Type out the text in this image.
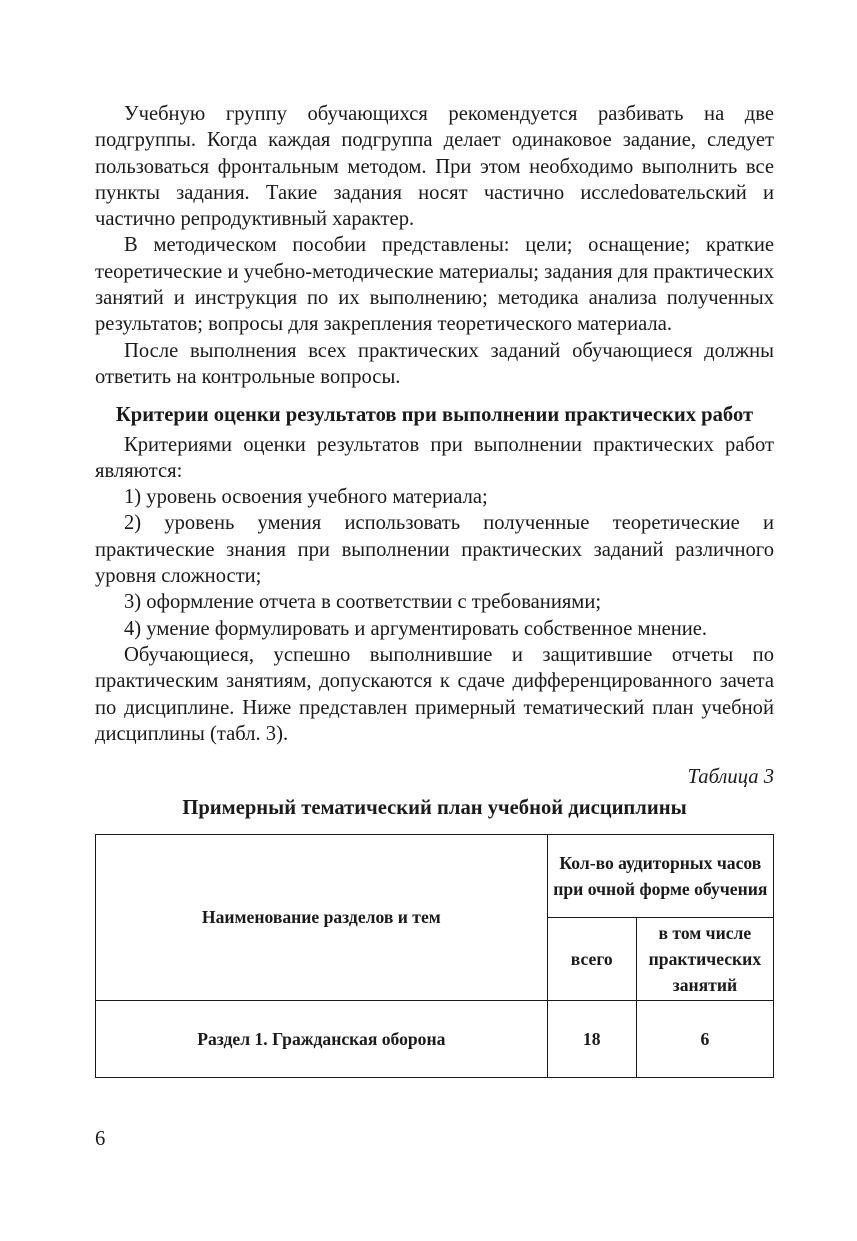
Учебную группу обучающихся рекомендуется разбивать на две подгруппы. Когда каждая подгруппа делает одинаковое задание, следует пользоваться фронтальным методом. При этом необходимо выполнить все пункты задания. Такие задания носят частично исслеdовательский и частично репродуктивный характер.

В методическом пособии представлены: цели; оснащение; краткие теоретические и учебно-методические материалы; задания для практических занятий и инструкция по их выполнению; методика анализа полученных результатов; вопросы для закрепления теоретического материала.

После выполнения всех практических заданий обучающиеся должны ответить на контрольные вопросы.

Критерии оценки результатов при выполнении практических работ

Критериями оценки результатов при выполнении практических работ являются:

1) уровень освоения учебного материала;

2) уровень умения использовать полученные теоретические и практические знания при выполнении практических заданий различного уровня сложности;

3) оформление отчета в соответствии с требованиями;

4) умение формулировать и аргументировать собственное мнение.

Обучающиеся, успешно выполнившие и защитившие отчеты по практическим занятиям, допускаются к сдаче дифференцированного зачета по дисциплине. Ниже представлен примерный тематический план учебной дисциплины (табл. 3).

Таблица 3
Примерный тематический план учебной дисциплины
Наименование разделов и тем	Кол-во аудиторных часов при очной форме обучения	
	всего	в том числе практических занятий
Раздел 1. Гражданская оборона	18	6
6
